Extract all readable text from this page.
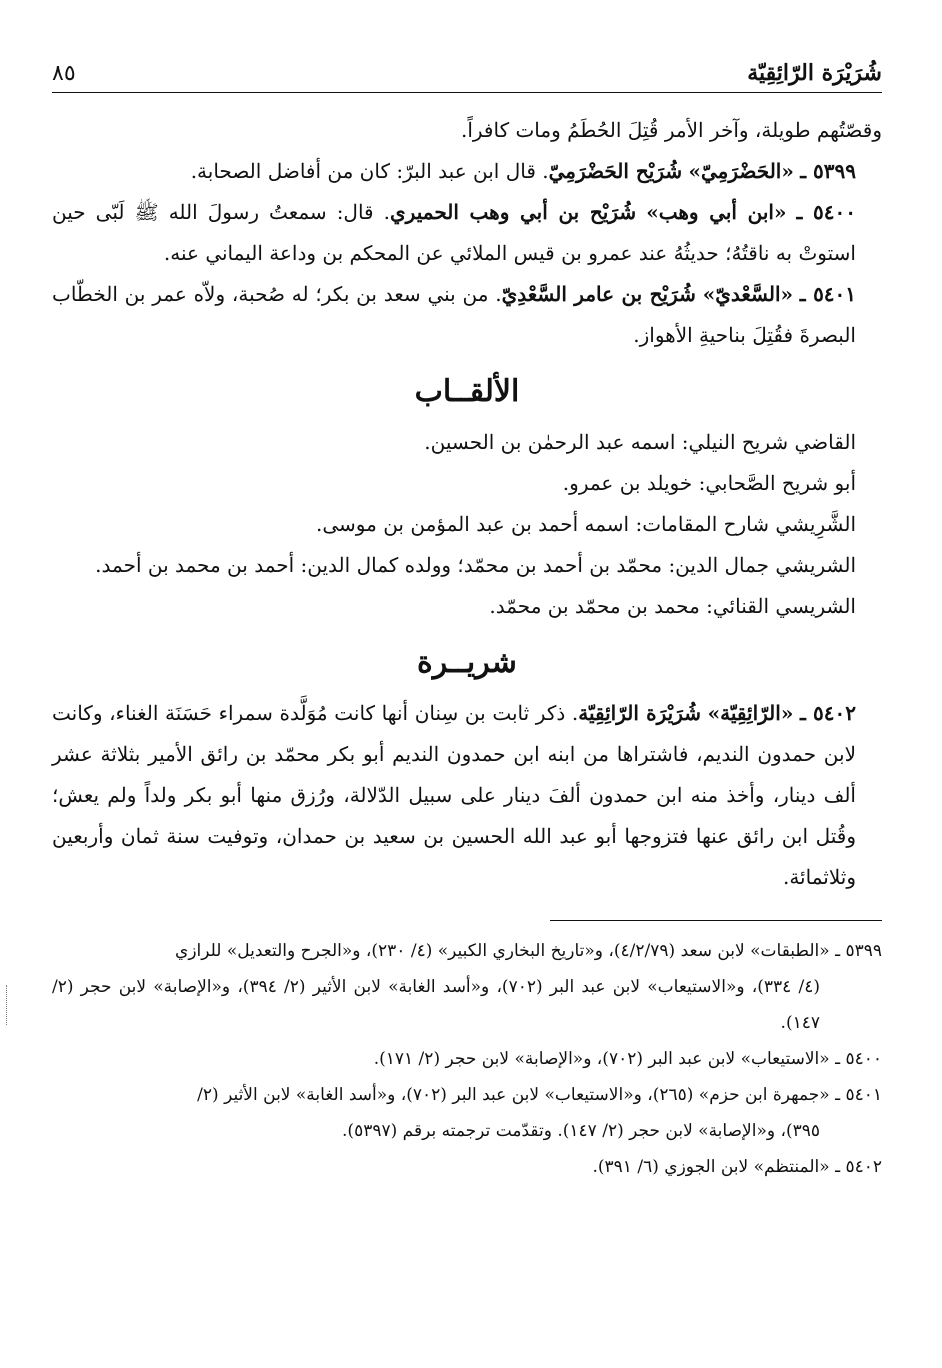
شُرَيْرَة الرّائِقِيّة
٨٥

وقصّتُهم طويلة، وآخر الأمر قُتِلَ الحُطَمُ ومات كافراً.

٥٣٩٩ ـ «الحَضْرَمِيّ» شُرَيْح الحَضْرَمِيّ. قال ابن عبد البرّ: كان من أفاضل الصحابة.

٥٤٠٠ ـ «ابن أبي وهب» شُرَيْح بن أبي وهب الحميري. قال: سمعتُ رسولَ الله ﷺ لَبّى حين استوتْ به ناقتُهُ؛ حديثُهُ عند عمرو بن قيس الملائي عن المحكم بن وداعة اليماني عنه.

٥٤٠١ ـ «السَّعْديّ» شُرَيْح بن عامر السَّعْدِيّ. من بني سعد بن بكر؛ له صُحبة، ولاّه عمر بن الخطّاب البصرةَ فقُتِلَ بناحيةِ الأهواز.

الألقــاب

القاضي شريح النيلي: اسمه عبد الرحمٰن بن الحسين.

أبو شريح الصَّحابي: خويلد بن عمرو.

الشَّرِيشي شارح المقامات: اسمه أحمد بن عبد المؤمن بن موسى.

الشريشي جمال الدين: محمّد بن أحمد بن محمّد؛ وولده كمال الدين: أحمد بن محمد بن أحمد.

الشريسي القنائي: محمد بن محمّد بن محمّد.

شريــرة

٥٤٠٢ ـ «الرّائِقِيّة» شُرَيْرَة الرّائِقِيّة. ذكر ثابت بن سِنان أنها كانت مُوَلَّدة سمراء حَسَنَة الغناء، وكانت لابن حمدون النديم، فاشتراها من ابنه ابن حمدون النديم أبو بكر محمّد بن رائق الأمير بثلاثة عشر ألف دينار، وأخذ منه ابن حمدون ألفَ دينار على سبيل الدّلالة، ورُزق منها أبو بكر ولداً ولم يعش؛ وقُتل ابن رائق عنها فتزوجها أبو عبد الله الحسين بن سعيد بن حمدان، وتوفيت سنة ثمان وأربعين وثلاثمائة.

٥٣٩٩ ـ «الطبقات» لابن سعد (٤/٢/٧٩)، و«تاريخ البخاري الكبير» (٤/ ٢٣٠)، و«الجرح والتعديل» للرازي

(٤/ ٣٣٤)، و«الاستيعاب» لابن عبد البر (٧٠٢)، و«أسد الغابة» لابن الأثير (٢/ ٣٩٤)، و«الإصابة» لابن حجر (٢/ ١٤٧).

٥٤٠٠ ـ «الاستيعاب» لابن عبد البر (٧٠٢)، و«الإصابة» لابن حجر (٢/ ١٧١).

٥٤٠١ ـ «جمهرة ابن حزم» (٢٦٥)، و«الاستيعاب» لابن عبد البر (٧٠٢)، و«أسد الغابة» لابن الأثير (٢/

٣٩٥)، و«الإصابة» لابن حجر (٢/ ١٤٧). وتقدّمت ترجمته برقم (٥٣٩٧).

٥٤٠٢ ـ «المنتظم» لابن الجوزي (٦/ ٣٩١).
